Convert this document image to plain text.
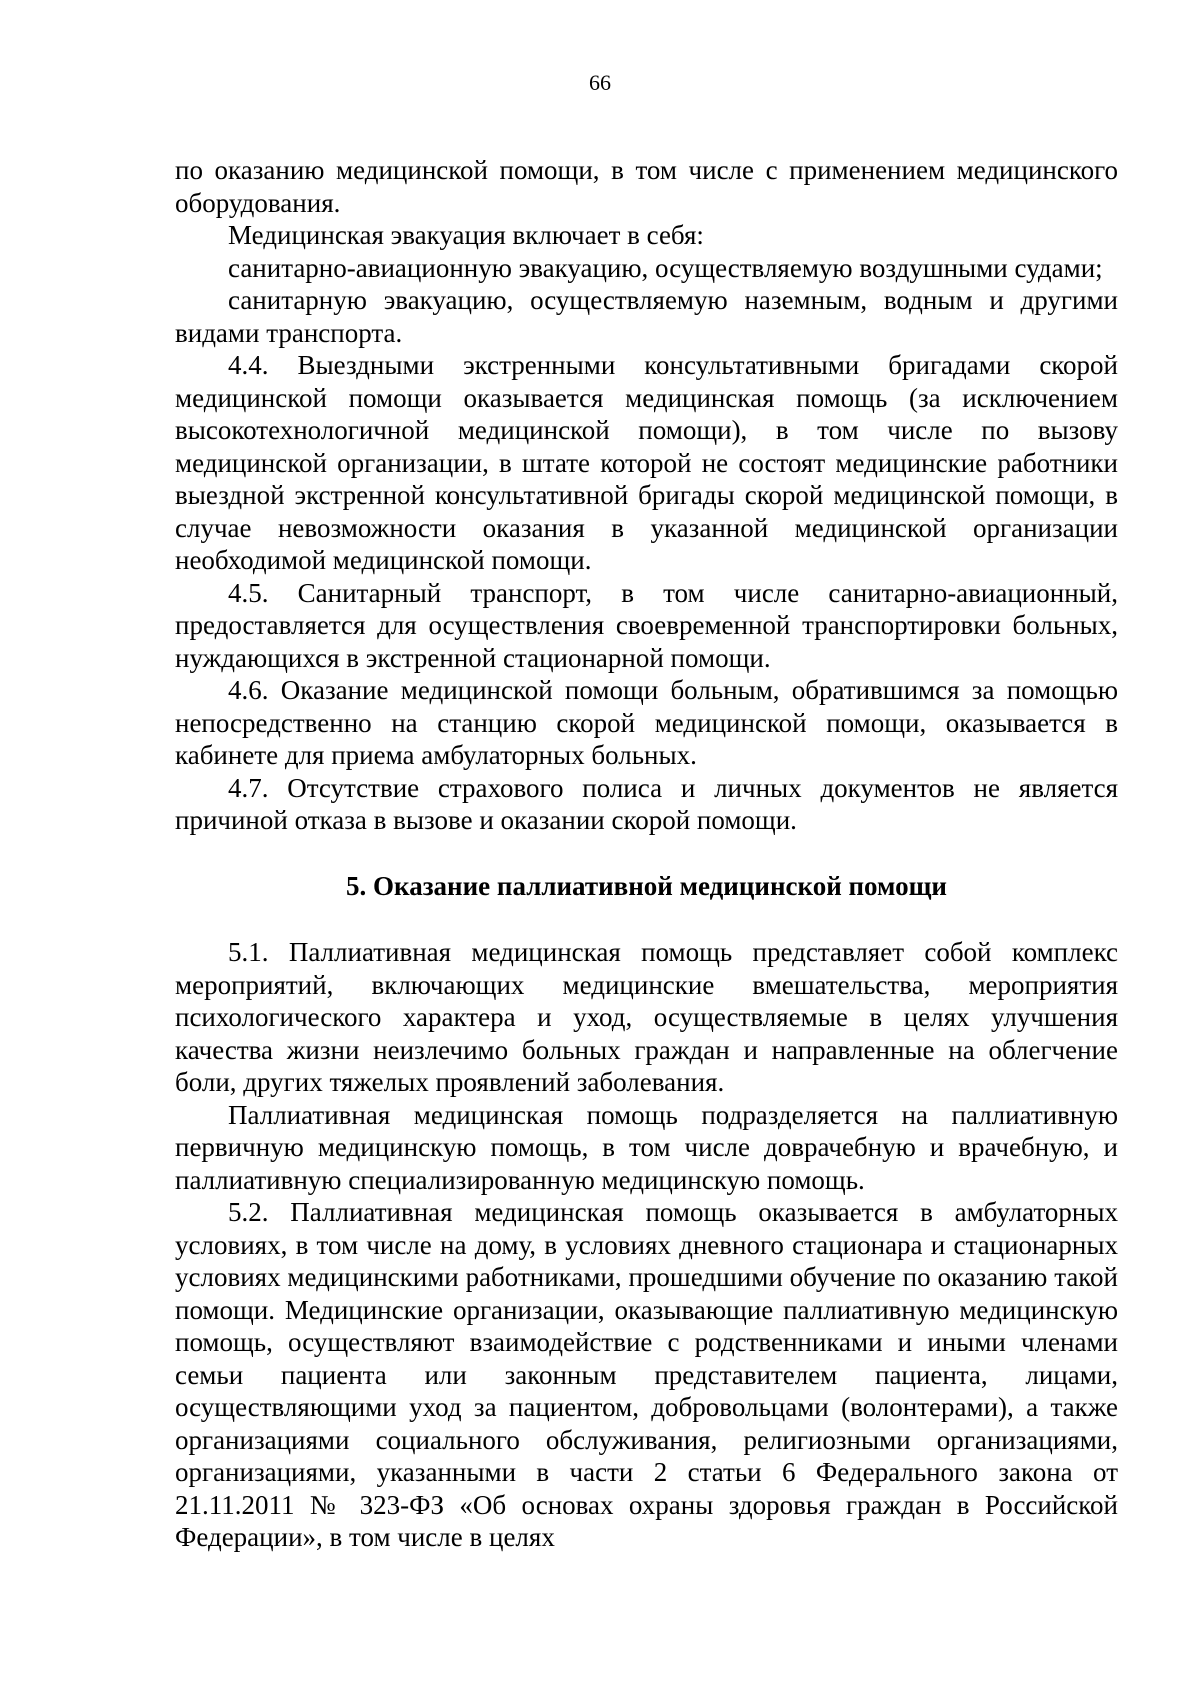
66

по оказанию медицинской помощи, в том числе с применением медицинского оборудования.

Медицинская эвакуация включает в себя:

санитарно-авиационную эвакуацию, осуществляемую воздушными судами;

санитарную эвакуацию, осуществляемую наземным, водным и другими видами транспорта.

4.4. Выездными экстренными консультативными бригадами скорой медицинской помощи оказывается медицинская помощь (за исключением высокотехнологичной медицинской помощи), в том числе по вызову медицинской организации, в штате которой не состоят медицинские работники выездной экстренной консультативной бригады скорой медицинской помощи, в случае невозможности оказания в указанной медицинской организации необходимой медицинской помощи.

4.5. Санитарный транспорт, в том числе санитарно-авиационный, предоставляется для осуществления своевременной транспортировки больных, нуждающихся в экстренной стационарной помощи.

4.6. Оказание медицинской помощи больным, обратившимся за помощью непосредственно на станцию скорой медицинской помощи, оказывается в кабинете для приема амбулаторных больных.

4.7. Отсутствие страхового полиса и личных документов не является причиной отказа в вызове и оказании скорой помощи.

5. Оказание паллиативной медицинской помощи

5.1. Паллиативная медицинская помощь представляет собой комплекс мероприятий, включающих медицинские вмешательства, мероприятия психологического характера и уход, осуществляемые в целях улучшения качества жизни неизлечимо больных граждан и направленные на облегчение боли, других тяжелых проявлений заболевания.

Паллиативная медицинская помощь подразделяется на паллиативную первичную медицинскую помощь, в том числе доврачебную и врачебную, и паллиативную специализированную медицинскую помощь.

5.2. Паллиативная медицинская помощь оказывается в амбулаторных условиях, в том числе на дому, в условиях дневного стационара и стационарных условиях медицинскими работниками, прошедшими обучение по оказанию такой помощи. Медицинские организации, оказывающие паллиативную медицинскую помощь, осуществляют взаимодействие с родственниками и иными членами семьи пациента или законным представителем пациента, лицами, осуществляющими уход за пациентом, добровольцами (волонтерами), а также организациями социального обслуживания, религиозными организациями, организациями, указанными в части 2 статьи 6 Федерального закона от 21.11.2011 № 323-ФЗ «Об основах охраны здоровья граждан в Российской Федерации», в том числе в целях
